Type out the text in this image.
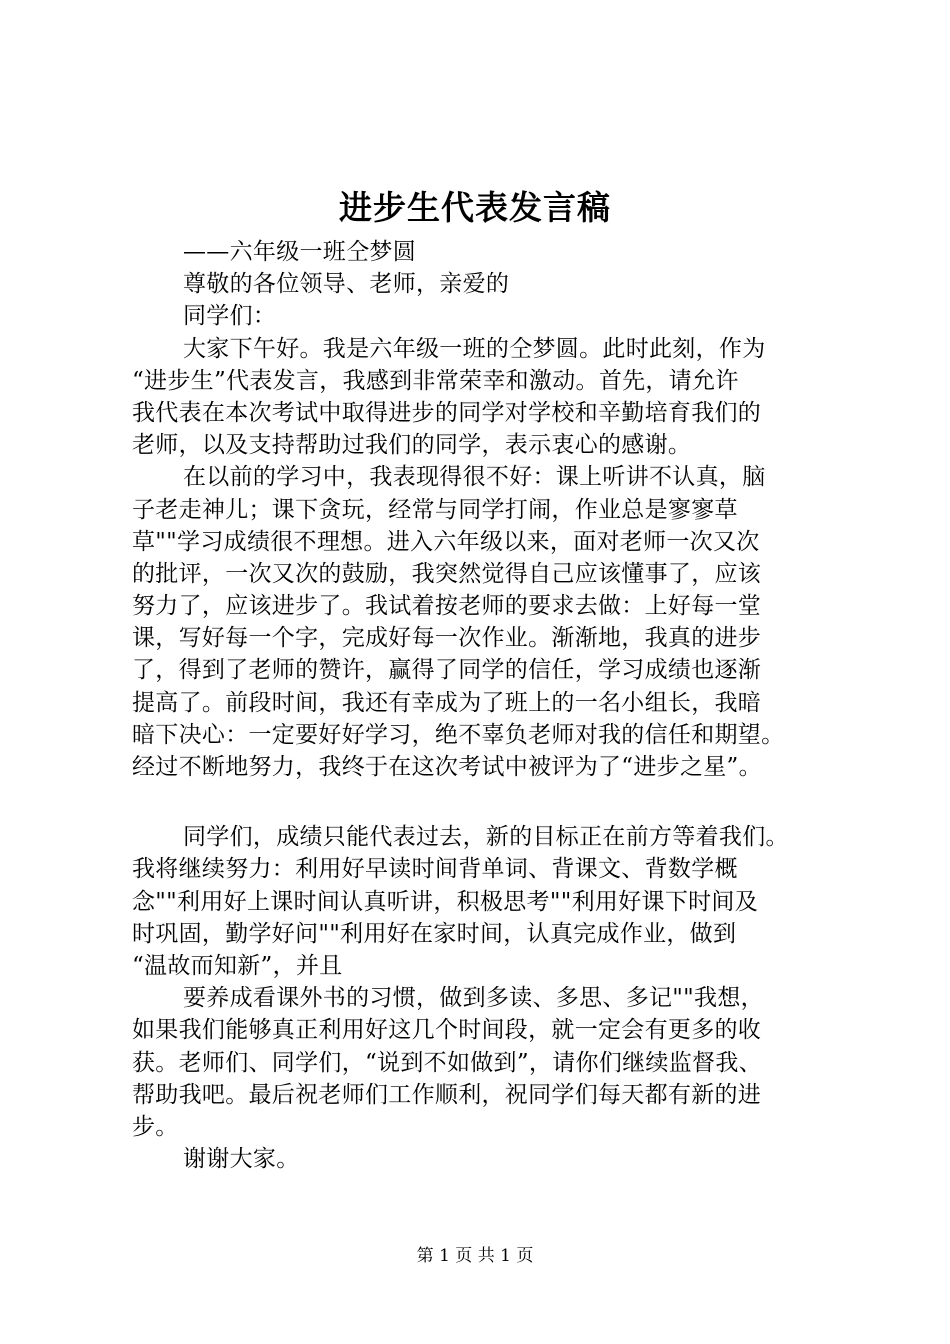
进步生代表发言稿
——六年级一班仝梦圆
尊敬的各位领导、老师，亲爱的
同学们：
大家下午好。我是六年级一班的仝梦圆。此时此刻，作为
“进步生”代表发言，我感到非常荣幸和激动。首先，请允许
我代表在本次考试中取得进步的同学对学校和辛勤培育我们的
老师，以及支持帮助过我们的同学，表示衷心的感谢。
在以前的学习中，我表现得很不好：课上听讲不认真，脑
子老走神儿；课下贪玩，经常与同学打闹，作业总是寥寥草
草""学习成绩很不理想。进入六年级以来，面对老师一次又次
的批评，一次又次的鼓励，我突然觉得自己应该懂事了，应该
努力了，应该进步了。我试着按老师的要求去做：上好每一堂
课，写好每一个字，完成好每一次作业。渐渐地，我真的进步
了，得到了老师的赞许，赢得了同学的信任，学习成绩也逐渐
提高了。前段时间，我还有幸成为了班上的一名小组长，我暗
暗下决心：一定要好好学习，绝不辜负老师对我的信任和期望。
经过不断地努力，我终于在这次考试中被评为了“进步之星”。
同学们，成绩只能代表过去，新的目标正在前方等着我们。
我将继续努力：利用好早读时间背单词、背课文、背数学概
念""利用好上课时间认真听讲，积极思考""利用好课下时间及
时巩固，勤学好问""利用好在家时间，认真完成作业，做到
“温故而知新”，并且
要养成看课外书的习惯，做到多读、多思、多记""我想，
如果我们能够真正利用好这几个时间段，就一定会有更多的收
获。老师们、同学们，“说到不如做到”，请你们继续监督我、
帮助我吧。最后祝老师们工作顺利，祝同学们每天都有新的进
步。
谢谢大家。
第 1 页 共 1 页
